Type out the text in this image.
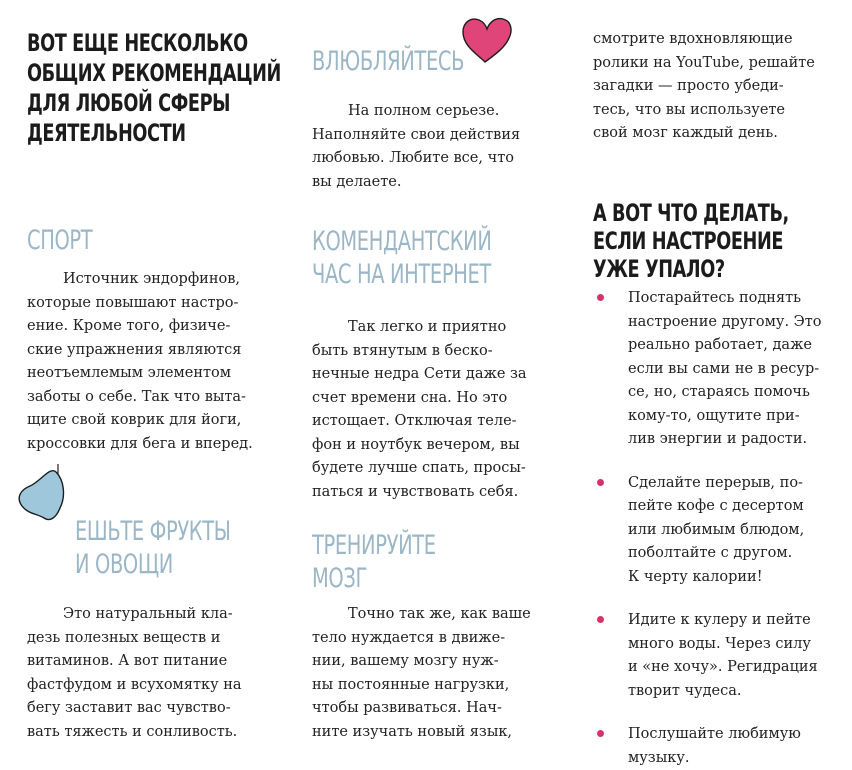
ВОТ ЕЩЕ НЕСКОЛЬКО
ОБЩИХ РЕКОМЕНДАЦИЙ
ДЛЯ ЛЮБОЙ СФЕРЫ
ДЕЯТЕЛЬНОСТИ
СПОРТ

Источник эндорфинов,
которые повышают настро-
ение. Кроме того, физиче-
ские упражнения являются
неотъемлемым элементом
заботы о себе. Так что выта-
щите свой коврик для йоги,
кроссовки для бега и вперед.

ЕШЬТЕ ФРУКТЫ
И ОВОЩИ

Это натуральный кла-
дезь полезных веществ и
витаминов. А вот питание
фастфудом и всухомятку на
бегу заставит вас чувство-
вать тяжесть и сонливость.

ВЛЮБЛЯЙТЕСЬ

На полном серьезе.
Наполняйте свои действия
любовью. Любите все, что
вы делаете.

КОМЕНДАНТСКИЙ
ЧАС НА ИНТЕРНЕТ

Так легко и приятно
быть втянутым в беско-
нечные недра Сети даже за
счет времени сна. Но это
истощает. Отключая теле-
фон и ноутбук вечером, вы
будете лучше спать, просы-
паться и чувствовать себя.

ТРЕНИРУЙТЕ
МОЗГ

Точно так же, как ваше
тело нуждается в движе-
нии, вашему мозгу нуж-
ны постоянные нагрузки,
чтобы развиваться. Нач-
ните изучать новый язык,

смотрите вдохновляющие
ролики на YouTube, решайте
загадки — просто убеди-
тесь, что вы используете
свой мозг каждый день.

А ВОТ ЧТО ДЕЛАТЬ,
ЕСЛИ НАСТРОЕНИЕ
УЖЕ УПАЛО?
Постарайтесь поднять
настроение другому. Это
реально работает, даже
если вы сами не в ресур-
се, но, стараясь помочь
кому-то, ощутите при-
лив энергии и радости.
Сделайте перерыв, по-
пейте кофе с десертом
или любимым блюдом,
поболтайте с другом.
К черту калории!
Идите к кулеру и пейте
много воды. Через силу
и «не хочу». Регидрация
творит чудеса.
Послушайте любимую
музыку.
